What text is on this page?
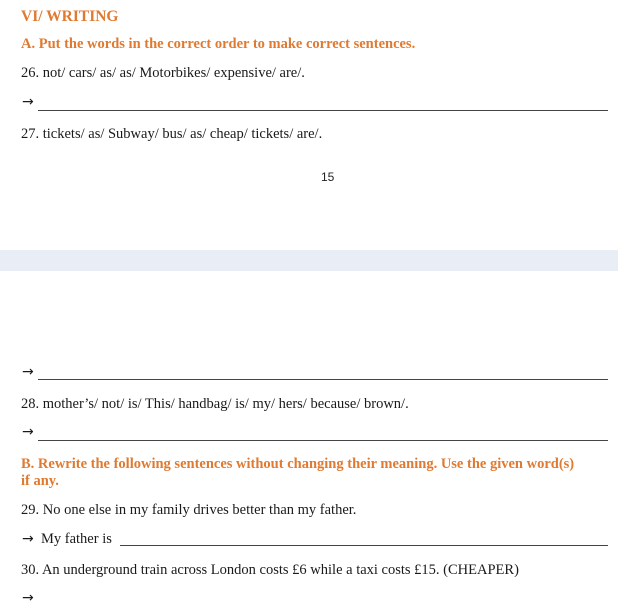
VI/ WRITING
A. Put the words in the correct order to make correct sentences.
26. not/ cars/ as/ as/ Motorbikes/ expensive/ are/.
→
27. tickets/ as/ Subway/ bus/ as/ cheap/ tickets/ are/.
15
→
28. mother’s/ not/ is/ This/ handbag/ is/ my/ hers/ because/ brown/.
→
B. Rewrite the following sentences without changing their meaning. Use the given word(s)
if any.
29. No one else in my family drives better than my father.
→ My father is
30. An underground train across London costs £6 while a taxi costs £15. (CHEAPER)
→
